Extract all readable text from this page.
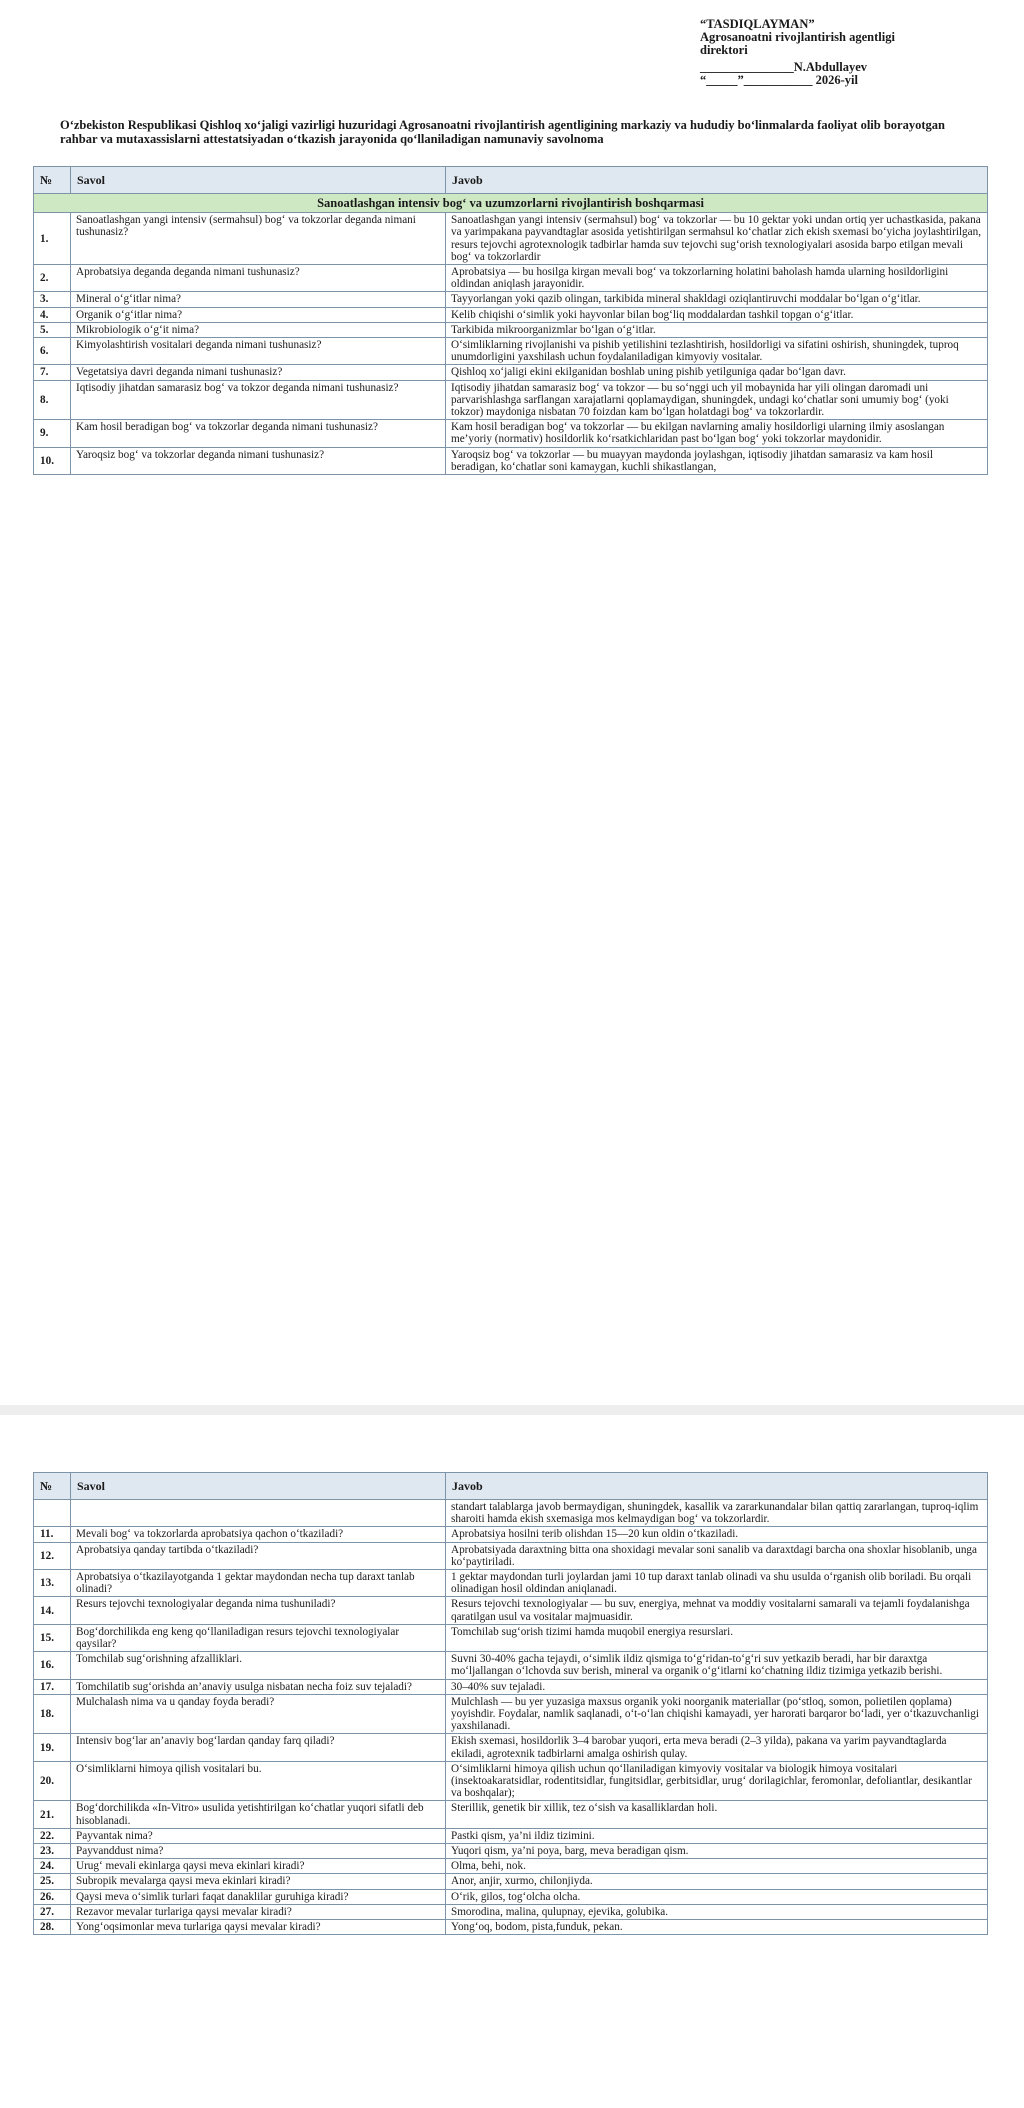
“TASDIQLAYMAN”
Agrosanoatni rivojlantirish agentligi
direktori
_______________N.Abdullayev
“_____”___________ 2026-yil
O‘zbekiston Respublikasi Qishloq xo‘jaligi vazirligi huzuridagi Agrosanoatni rivojlantirish agentligining markaziy va hududiy bo‘linmalarda faoliyat olib borayotgan rahbar va mutaxassislarni attestatsiyadan o‘tkazish jarayonida qo‘llaniladigan namunaviy savolnoma
№	Savol	Javob
Sanoatlashgan intensiv bog‘ va uzumzorlarni rivojlantirish boshqarmasi		
1.	Sanoatlashgan yangi intensiv (sermahsul) bog‘ va tokzorlar deganda nimani tushunasiz?	Sanoatlashgan yangi intensiv (sermahsul) bog‘ va tokzorlar — bu 10 gektar yoki undan ortiq yer uchastkasida, pakana va yarimpakana payvandtaglar asosida yetishtirilgan sermahsul ko‘chatlar zich ekish sxemasi bo‘yicha joylashtirilgan, resurs tejovchi agrotexnologik tadbirlar hamda suv tejovchi sug‘orish texnologiyalari asosida barpo etilgan mevali bog‘ va tokzorlardir
2.	Aprobatsiya deganda deganda nimani tushunasiz?	Aprobatsiya — bu hosilga kirgan mevali bog‘ va tokzorlarning holatini baholash hamda ularning hosildorligini oldindan aniqlash jarayonidir.
3.	Mineral o‘g‘itlar nima?	Tayyorlangan yoki qazib olingan, tarkibida mineral shakldagi oziqlantiruvchi moddalar bo‘lgan o‘g‘itlar.
4.	Organik o‘g‘itlar nima?	Kelib chiqishi o‘simlik yoki hayvonlar bilan bog‘liq moddalardan tashkil topgan o‘g‘itlar.
5.	Mikrobiologik o‘g‘it nima?	Tarkibida mikroorganizmlar bo‘lgan o‘g‘itlar.
6.	Kimyolashtirish vositalari deganda nimani tushunasiz?	O‘simliklarning rivojlanishi va pishib yetilishini tezlashtirish, hosildorligi va sifatini oshirish, shuningdek, tuproq unumdorligini yaxshilash uchun foydalaniladigan kimyoviy vositalar.
7.	Vegetatsiya davri deganda nimani tushunasiz?	Qishloq xo‘jaligi ekini ekilganidan boshlab uning pishib yetilguniga qadar bo‘lgan davr.
8.	Iqtisodiy jihatdan samarasiz bog‘ va tokzor deganda nimani tushunasiz?	Iqtisodiy jihatdan samarasiz bog‘ va tokzor — bu so‘nggi uch yil mobaynida har yili olingan daromadi uni parvarishlashga sarflangan xarajatlarni qoplamaydigan, shuningdek, undagi ko‘chatlar soni umumiy bog‘ (yoki tokzor) maydoniga nisbatan 70 foizdan kam bo‘lgan holatdagi bog‘ va tokzorlardir.
9.	Kam hosil beradigan bog‘ va tokzorlar deganda nimani tushunasiz?	Kam hosil beradigan bog‘ va tokzorlar — bu ekilgan navlarning amaliy hosildorligi ularning ilmiy asoslangan me’yoriy (normativ) hosildorlik ko‘rsatkichlaridan past bo‘lgan bog‘ yoki tokzorlar maydonidir.
10.	Yaroqsiz bog‘ va tokzorlar deganda nimani tushunasiz?	Yaroqsiz bog‘ va tokzorlar — bu muayyan maydonda joylashgan, iqtisodiy jihatdan samarasiz va kam hosil beradigan, ko‘chatlar soni kamaygan, kuchli shikastlangan,
№	Savol	Javob
		standart talablarga javob bermaydigan, shuningdek, kasallik va zararkunandalar bilan qattiq zararlangan, tuproq-iqlim sharoiti hamda ekish sxemasiga mos kelmaydigan bog‘ va tokzorlardir.
11.	Mevali bog‘ va tokzorlarda aprobatsiya qachon o‘tkaziladi?	Aprobatsiya hosilni terib olishdan 15—20 kun oldin o‘tkaziladi.
12.	Aprobatsiya qanday tartibda o‘tkaziladi?	Aprobatsiyada daraxtning bitta ona shoxidagi mevalar soni sanalib va daraxtdagi barcha ona shoxlar hisoblanib, unga ko‘paytiriladi.
13.	Aprobatsiya o‘tkazilayotganda 1 gektar maydondan necha tup daraxt tanlab olinadi?	1 gektar maydondan turli joylardan jami 10 tup daraxt tanlab olinadi va shu usulda o‘rganish olib boriladi. Bu orqali olinadigan hosil oldindan aniqlanadi.
14.	Resurs tejovchi texnologiyalar deganda nima tushuniladi?	Resurs tejovchi texnologiyalar — bu suv, energiya, mehnat va moddiy vositalarni samarali va tejamli foydalanishga qaratilgan usul va vositalar majmuasidir.
15.	Bog‘dorchilikda eng keng qo‘llaniladigan resurs tejovchi texnologiyalar qaysilar?	Tomchilab sug‘orish tizimi hamda muqobil energiya resurslari.
16.	Tomchilab sug‘orishning afzalliklari.	Suvni 30-40% gacha tejaydi, o‘simlik ildiz qismiga to‘g‘ridan-to‘g‘ri suv yetkazib beradi, har bir daraxtga mo‘ljallangan o‘lchovda suv berish, mineral va organik o‘g‘itlarni ko‘chatning ildiz tizimiga yetkazib berishi.
17.	Tomchilatib sug‘orishda an’anaviy usulga nisbatan necha foiz suv tejaladi?	30–40% suv tejaladi.
18.	Mulchalash nima va u qanday foyda beradi?	Mulchlash — bu yer yuzasiga maxsus organik yoki noorganik materiallar (po‘stloq, somon, polietilen qoplama) yoyishdir. Foydalar, namlik saqlanadi, o‘t-o‘lan chiqishi kamayadi, yer harorati barqaror bo‘ladi, yer o‘tkazuvchanligi yaxshilanadi.
19.	Intensiv bog‘lar an’anaviy bog‘lardan qanday farq qiladi?	Ekish sxemasi, hosildorlik 3–4 barobar yuqori, erta meva beradi (2–3 yilda), pakana va yarim payvandtaglarda ekiladi, agrotexnik tadbirlarni amalga oshirish qulay.
20.	O‘simliklarni himoya qilish vositalari bu.	O‘simliklarni himoya qilish uchun qo‘llaniladigan kimyoviy vositalar va biologik himoya vositalari (insektoakaratsidlar, rodentitsidlar, fungitsidlar, gerbitsidlar, urug‘ dorilagichlar, feromonlar, defoliantlar, desikantlar va boshqalar);
21.	Bog‘dorchilikda «In-Vitro» usulida yetishtirilgan ko‘chatlar yuqori sifatli deb hisoblanadi.	Sterillik, genetik bir xillik, tez o‘sish va kasalliklardan holi.
22.	Payvantak nima?	Pastki qism, ya’ni ildiz tizimini.
23.	Payvanddust nima?	Yuqori qism, ya’ni poya, barg, meva beradigan qism.
24.	Urug‘ mevali ekinlarga qaysi meva ekinlari kiradi?	Olma, behi, nok.
25.	Subropik mevalarga qaysi meva ekinlari kiradi?	Anor, anjir, xurmo, chilonjiyda.
26.	Qaysi meva o‘simlik turlari faqat danaklilar guruhiga kiradi?	O‘rik, gilos, tog‘olcha olcha.
27.	Rezavor mevalar turlariga qaysi mevalar kiradi?	Smorodina, malina, qulupnay, ejevika, golubika.
28.	Yong‘oqsimonlar meva turlariga qaysi mevalar kiradi?	Yong‘oq, bodom, pista,funduk, pekan.
